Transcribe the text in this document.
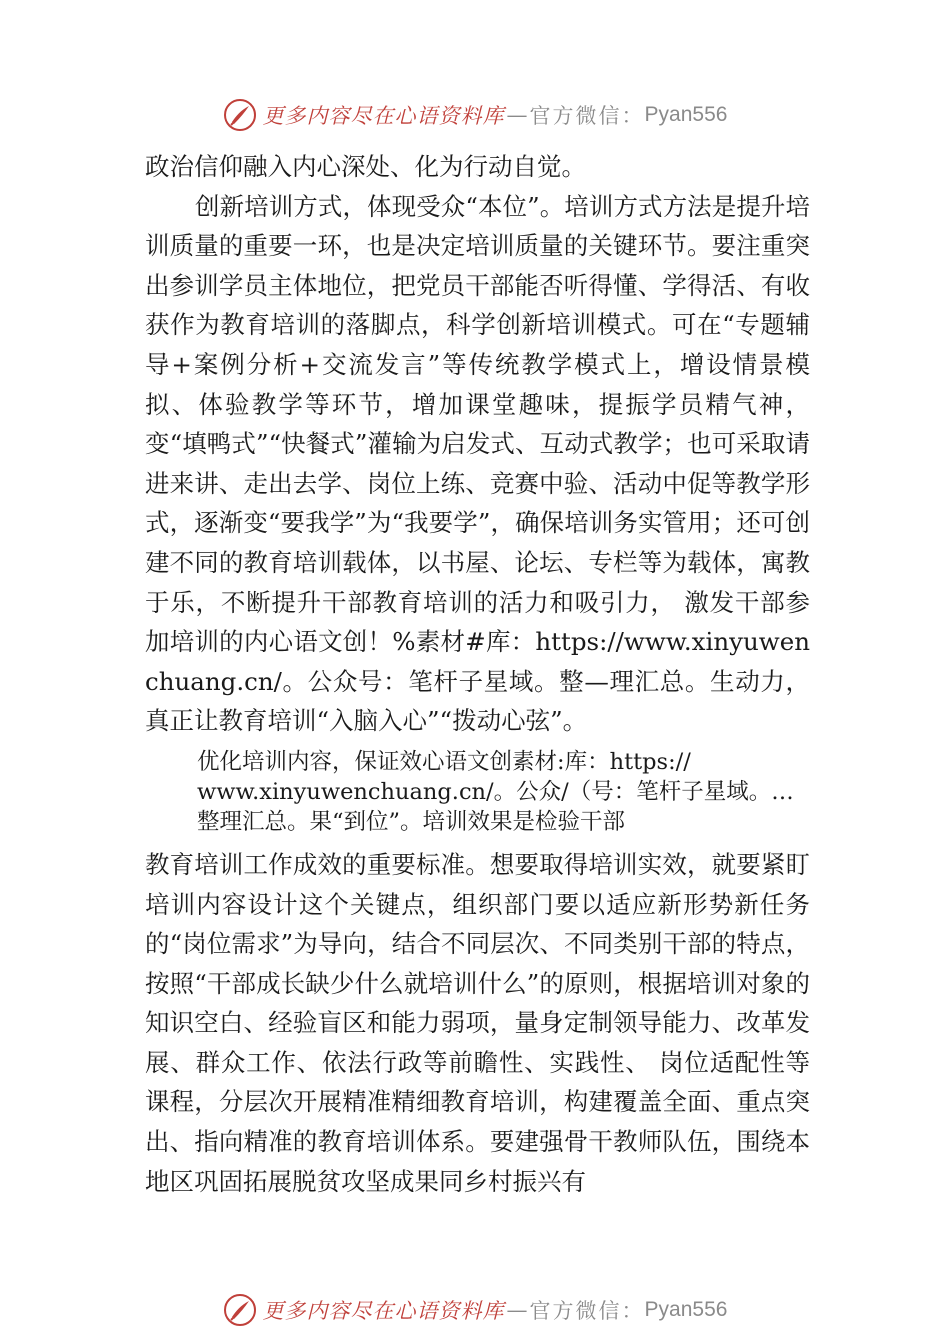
更多内容尽在心语资料库 — 官方微信： Pyan556

政治信仰融入内心深处、化为行动自觉。

创新培训方式，体现受众“本位”。培训方式方法是提升培训质量的重要一环，也是决定培训质量的关键环节。要注重突出参训学员主体地位，把党员干部能否听得懂、学得活、有收获作为教育培训的落脚点，科学创新培训模式。可在“专题辅导+案例分析+交流发言”等传统教学模式上，增设情景模拟、体验教学等环节，增加课堂趣味，提振学员精气神， 变“填鸭式”“快餐式”灌输为启发式、互动式教学；也可采取请进来讲、走出去学、岗位上练、竞赛中验、活动中促等教学形式，逐渐变“要我学”为“我要学”，确保培训务实管用；还可创建不同的教育培训载体，以书屋、论坛、专栏等为载体，寓教于乐，不断提升干部教育培训的活力和吸引力， 激发干部参加培训的内心语文创！%素材#库：https://www.xinyuwenchuang.cn/。公众号：笔杆子星域。整—理汇总。生动力，真正让教育培训“入脑入心”“拨动心弦”。

优化培训内容，保证效心语文创素材:库：https://
www.xinyuwenchuang.cn/。公众/（号：笔杆子星域。…
整理汇总。果“到位”。培训效果是检验干部

教育培训工作成效的重要标准。想要取得培训实效，就要紧盯培训内容设计这个关键点，组织部门要以适应新形势新任务的“岗位需求”为导向，结合不同层次、不同类别干部的特点，按照“干部成长缺少什么就培训什么”的原则，根据培训对象的知识空白、经验盲区和能力弱项，量身定制领导能力、改革发展、群众工作、依法行政等前瞻性、实践性、 岗位适配性等课程，分层次开展精准精细教育培训，构建覆盖全面、重点突出、指向精准的教育培训体系。要建强骨干教师队伍，围绕本地区巩固拓展脱贫攻坚成果同乡村振兴有

更多内容尽在心语资料库 — 官方微信： Pyan556
